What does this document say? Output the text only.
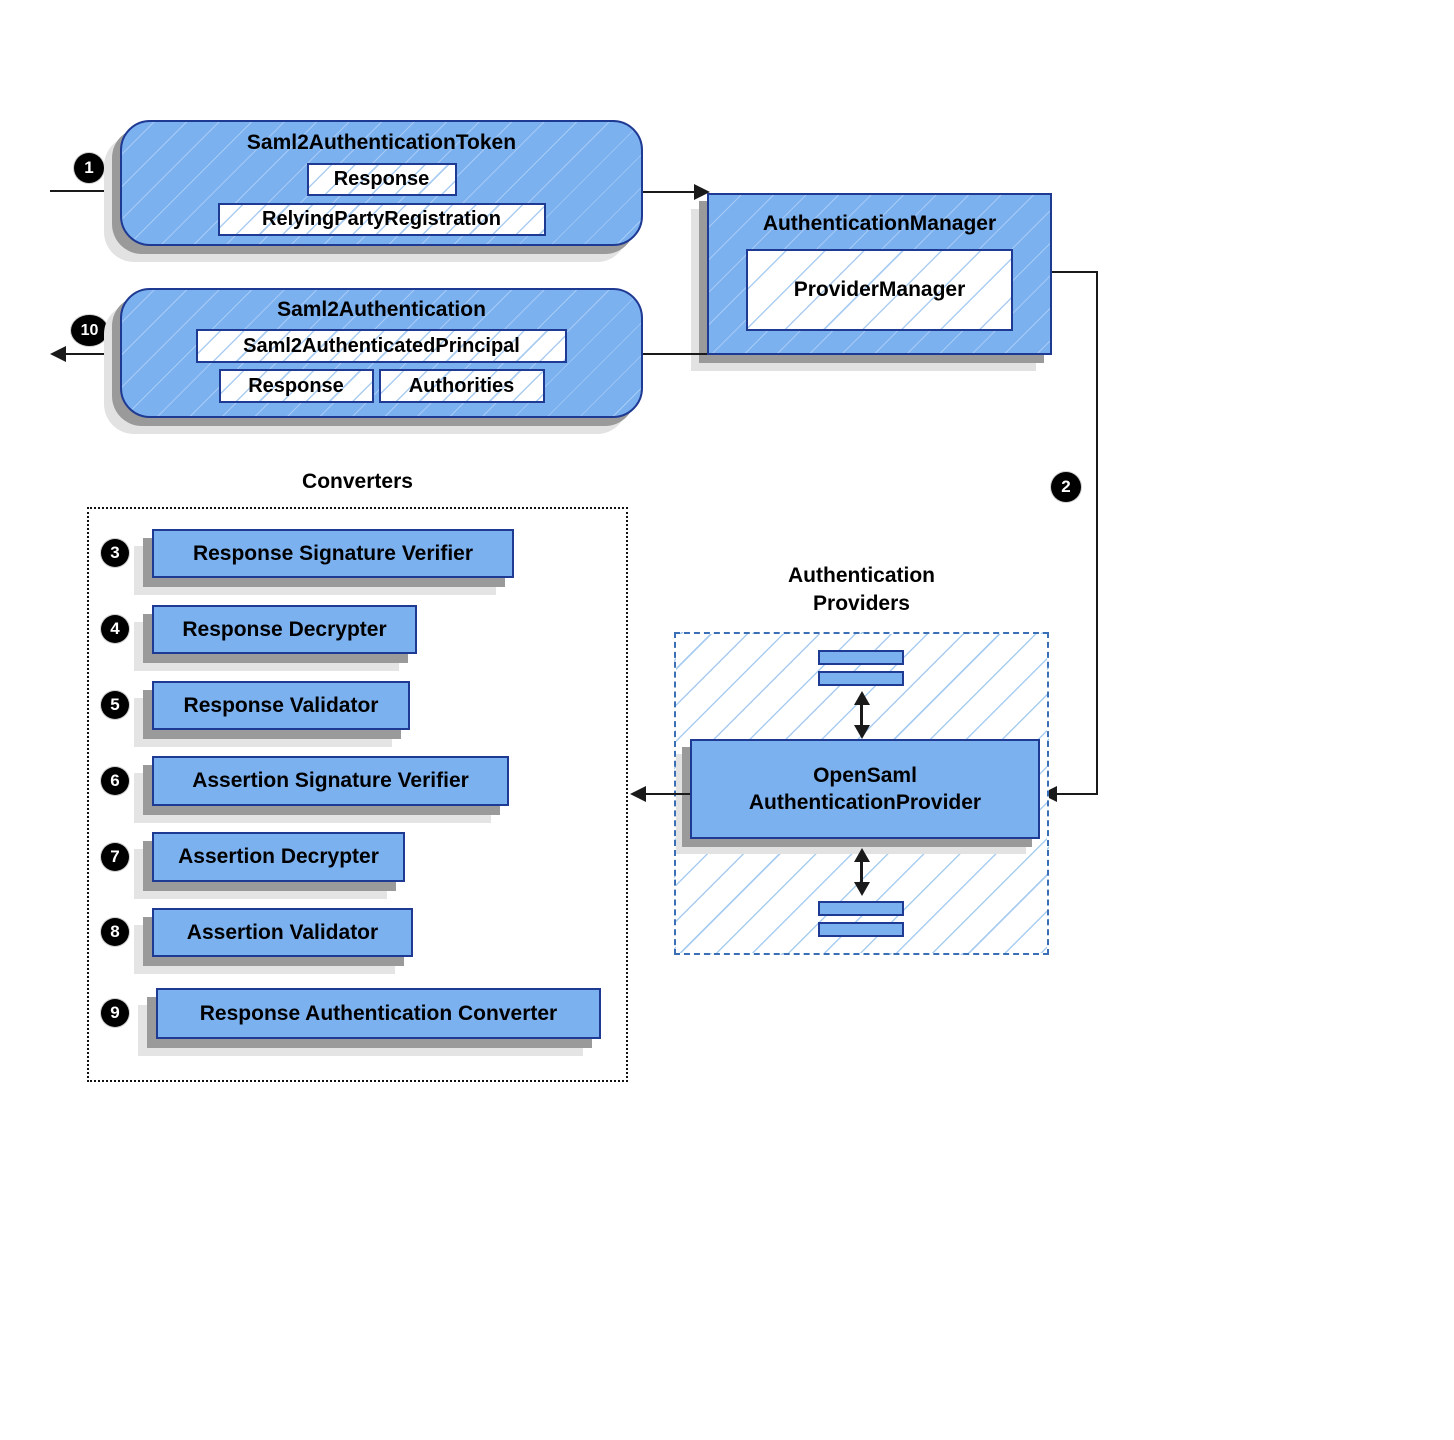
1
Saml2AuthenticationToken
Response
RelyingPartyRegistration	AuthenticationManager
ProviderManager
2
10
Saml2Authentication
Saml2AuthenticatedPrincipal
Response	Authorities
Converters
3	Response Signature Verifier
4	Response Decrypter
5	Response Validator
6	Assertion Signature Verifier
7	Assertion Decrypter
8	Assertion Validator
9	Response Authentication Converter
Authentication
Providers
OpenSaml
AuthenticationProvider
